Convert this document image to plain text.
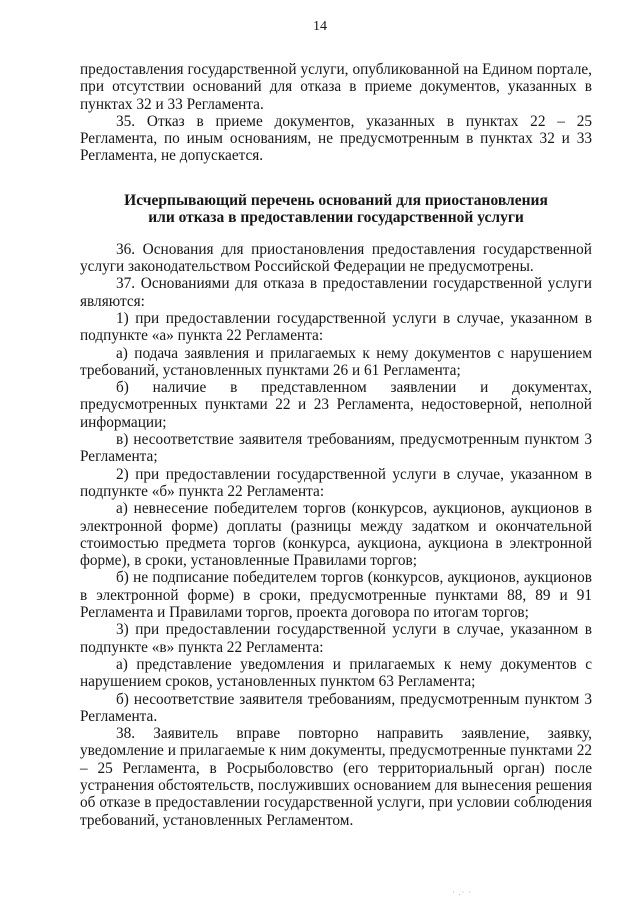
14

предоставления государственной услуги, опубликованной на Едином портале, при отсутствии оснований для отказа в приеме документов, указанных в пунктах 32 и 33 Регламента.

35. Отказ в приеме документов, указанных в пунктах 22 – 25 Регламента, по иным основаниям, не предусмотренным в пунктах 32 и 33 Регламента, не допускается.

Исчерпывающий перечень оснований для приостановления
или отказа в предоставлении государственной услуги

36. Основания для приостановления предоставления государственной услуги законодательством Российской Федерации не предусмотрены.

37. Основаниями для отказа в предоставлении государственной услуги являются:

1) при предоставлении государственной услуги в случае, указанном в подпункте «а» пункта 22 Регламента:

а) подача заявления и прилагаемых к нему документов с нарушением требований, установленных пунктами 26 и 61 Регламента;

б) наличие в представленном заявлении и документах, предусмотренных пунктами 22 и 23 Регламента, недостоверной, неполной информации;

в) несоответствие заявителя требованиям, предусмотренным пунктом 3 Регламента;

2) при предоставлении государственной услуги в случае, указанном в подпункте «б» пункта 22 Регламента:

а) невнесение победителем торгов (конкурсов, аукционов, аукционов в электронной форме) доплаты (разницы между задатком и окончательной стоимостью предмета торгов (конкурса, аукциона, аукциона в электронной форме), в сроки, установленные Правилами торгов;

б) не подписание победителем торгов (конкурсов, аукционов, аукционов в электронной форме) в сроки, предусмотренные пунктами 88, 89 и 91 Регламента и Правилами торгов, проекта договора по итогам торгов;

3) при предоставлении государственной услуги в случае, указанном в подпункте «в» пункта 22 Регламента:

а) представление уведомления и прилагаемых к нему документов с нарушением сроков, установленных пунктом 63 Регламента;

б) несоответствие заявителя требованиям, предусмотренным пунктом 3 Регламента.

38. Заявитель вправе повторно направить заявление, заявку, уведомление и прилагаемые к ним документы, предусмотренные пунктами 22 – 25 Регламента, в Росрыболовство (его территориальный орган) после устранения обстоятельств, послуживших основанием для вынесения решения об отказе в предоставлении государственной услуги, при условии соблюдения требований, установленных Регламентом.

· .· ·
